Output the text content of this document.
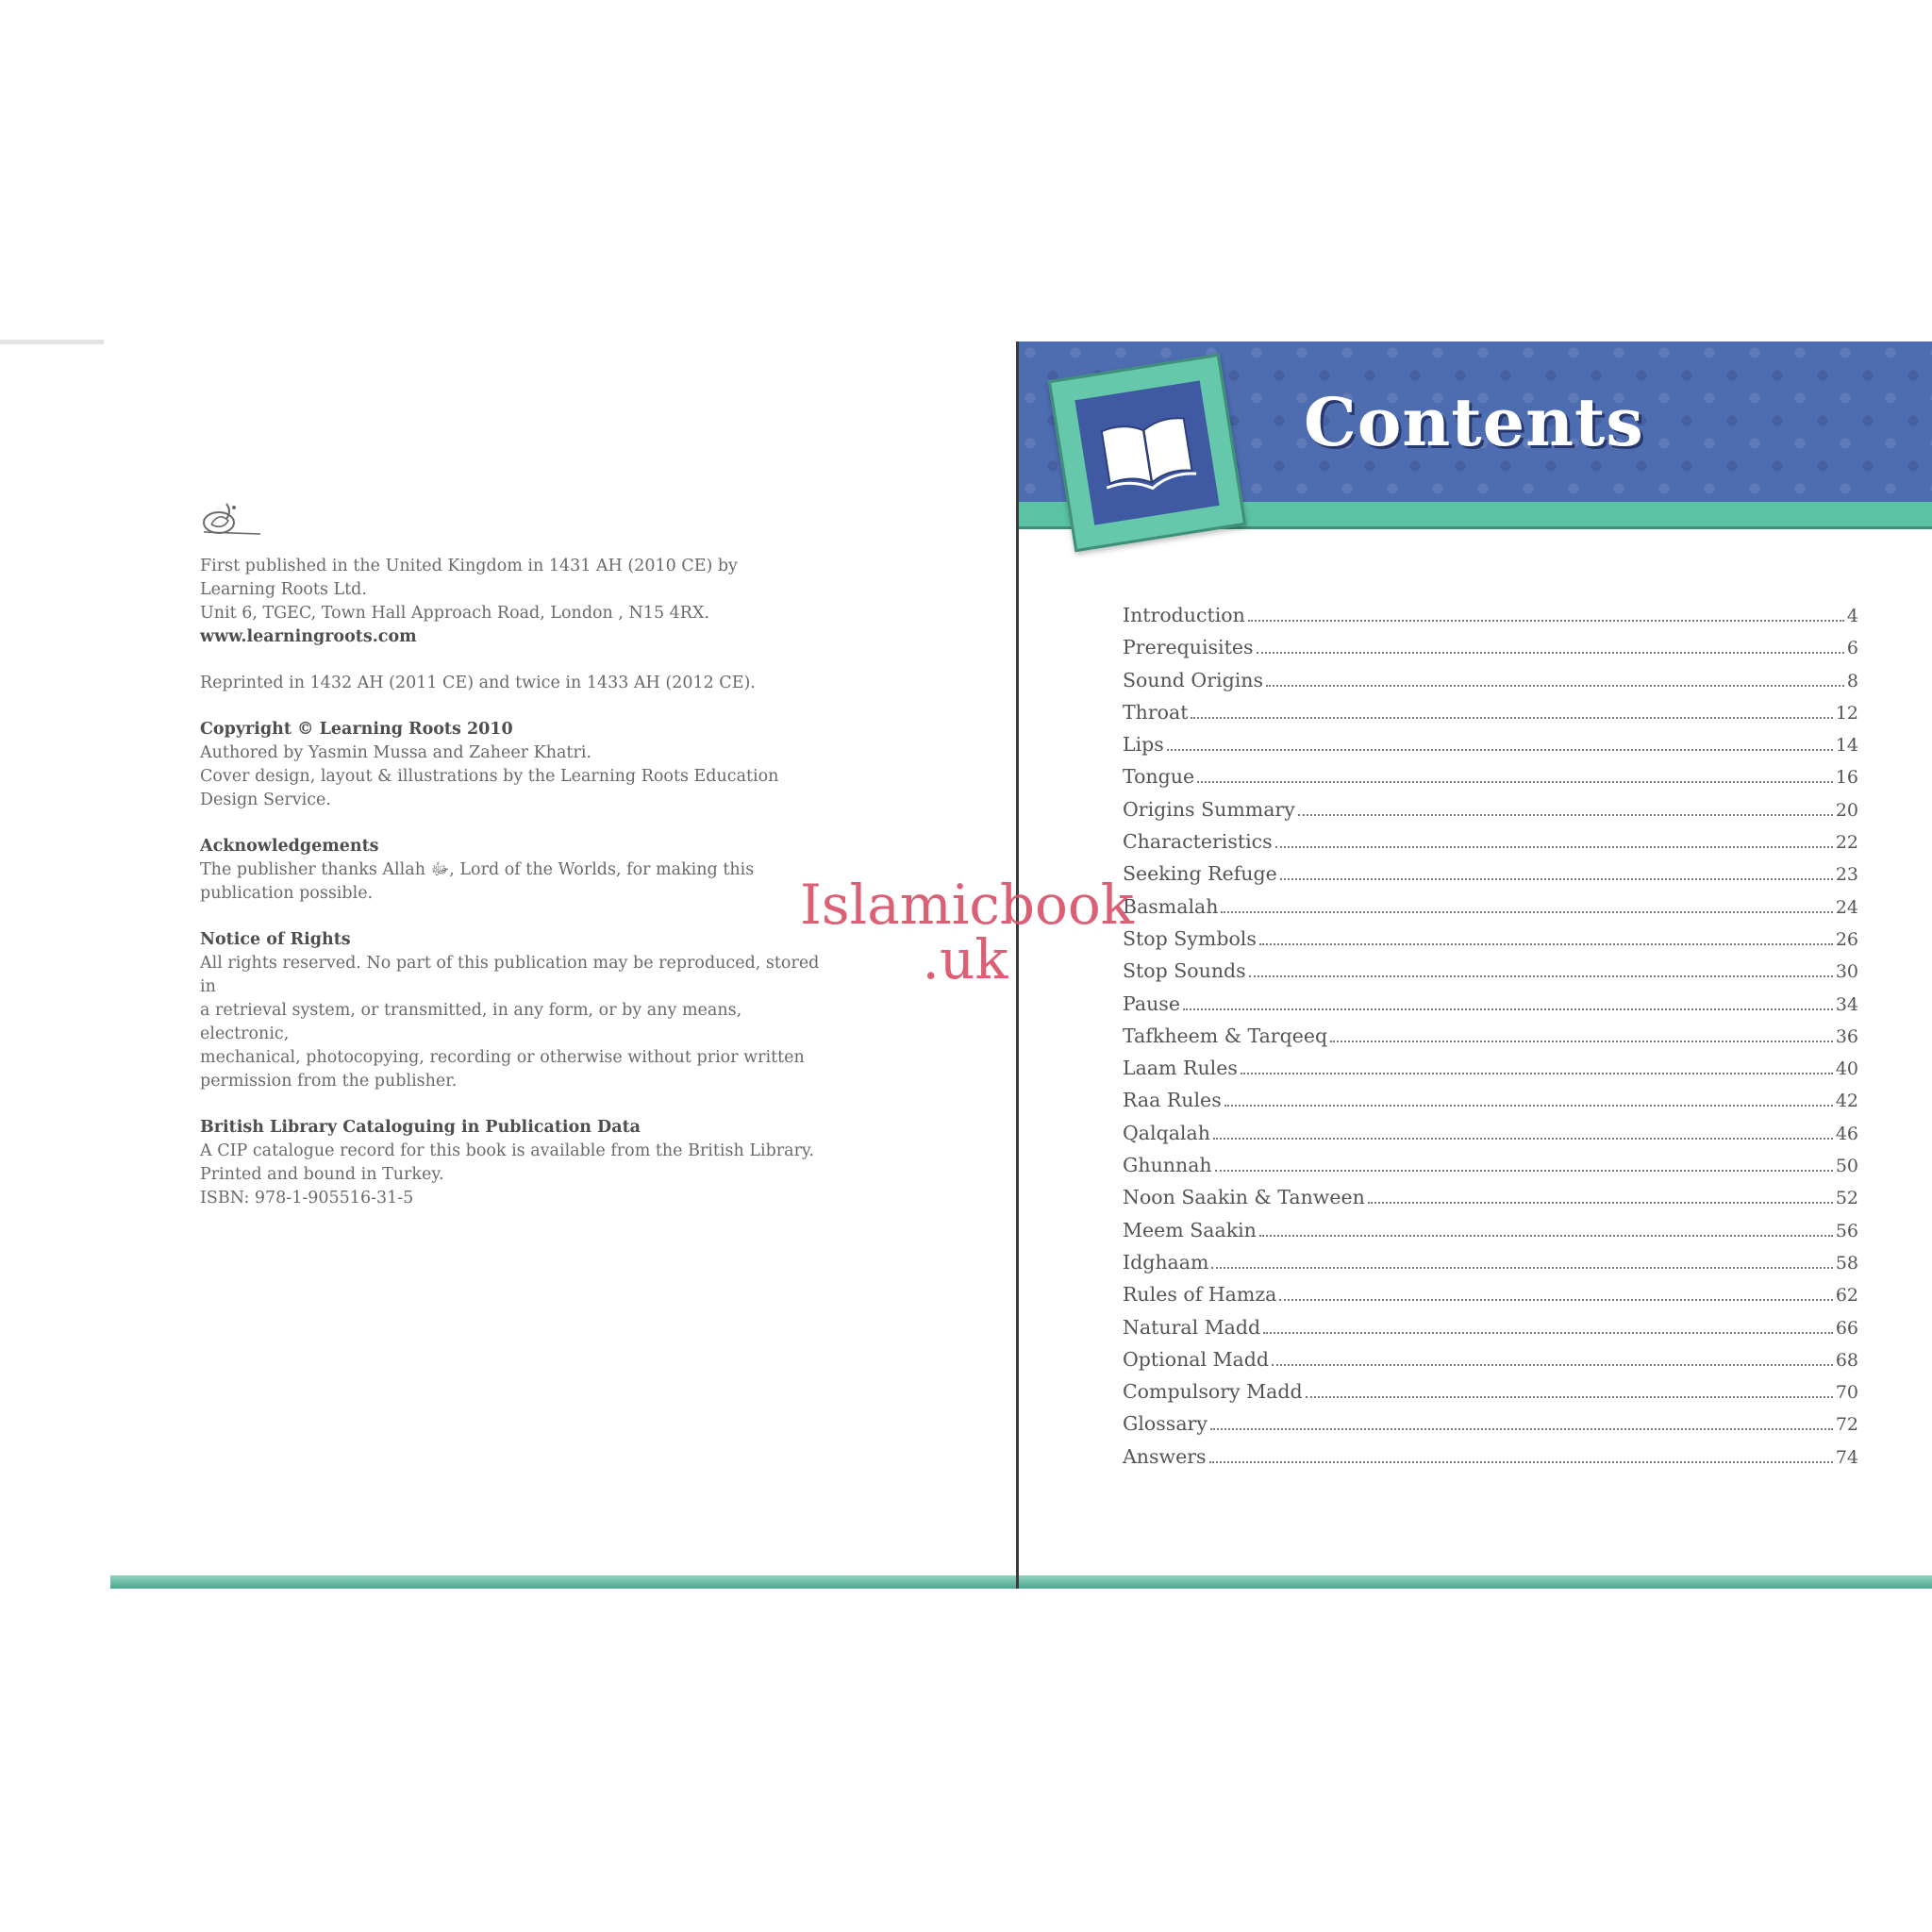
First published in the United Kingdom in 1431 AH (2010 CE) by

Learning Roots Ltd.

Unit 6, TGEC, Town Hall Approach Road, London , N15 4RX.

www.learningroots.com

Reprinted in 1432 AH (2011 CE) and twice in 1433 AH (2012 CE).

Copyright © Learning Roots 2010

Authored by Yasmin Mussa and Zaheer Khatri.

Cover design, layout & illustrations by the Learning Roots Education

Design Service.

Acknowledgements

The publisher thanks Allah ﷻ, Lord of the Worlds, for making this

publication possible.

Notice of Rights

All rights reserved. No part of this publication may be reproduced, stored in

a retrieval system, or transmitted, in any form, or by any means, electronic,

mechanical, photocopying, recording or otherwise without prior written

permission from the publisher.

British Library Cataloguing in Publication Data

A CIP catalogue record for this book is available from the British Library.

Printed and bound in Turkey.

ISBN: 978-1-905516-31-5

Contents
Introduction	4
Prerequisites	6
Sound Origins	8
Throat	12
Lips	14
Tongue	16
Origins Summary	20
Characteristics	22
Seeking Refuge	23
Basmalah	24
Stop Symbols	26
Stop Sounds	30
Pause	34
Tafkheem & Tarqeeq	36
Laam Rules	40
Raa Rules	42
Qalqalah	46
Ghunnah	50
Noon Saakin & Tanween	52
Meem Saakin	56
Idghaam	58
Rules of Hamza	62
Natural Madd	66
Optional Madd	68
Compulsory Madd	70
Glossary	72
Answers	74
Islamicbook
.uk
